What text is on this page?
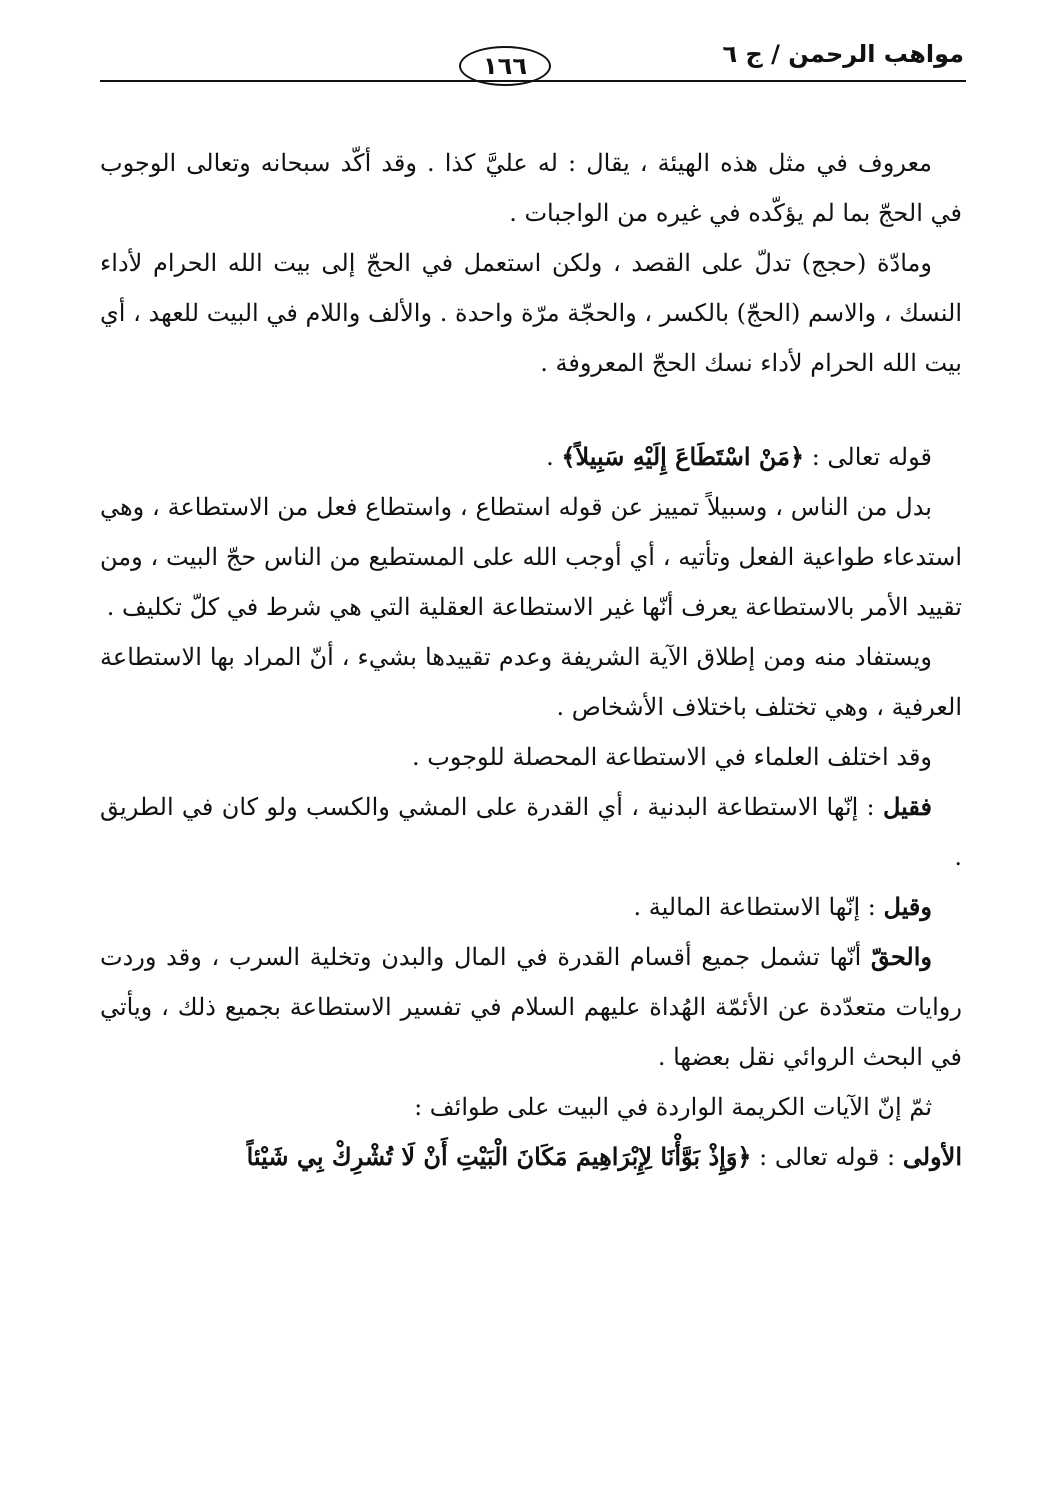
مواهب الرحمن / ج ٦
١٦٦

معروف في مثل هذه الهيئة ، يقال : له عليَّ كذا . وقد أكّد سبحانه وتعالى الوجوب في الحجّ بما لم يؤكّده في غيره من الواجبات .

ومادّة (حجج) تدلّ على القصد ، ولكن استعمل في الحجّ إلى بيت الله الحرام لأداء النسك ، والاسم (الحجّ) بالكسر ، والحجّة مرّة واحدة . والألف واللام في البيت للعهد ، أي بيت الله الحرام لأداء نسك الحجّ المعروفة .

قوله تعالى : ﴿مَنْ اسْتَطَاعَ إِلَيْهِ سَبِيلاً﴾ .

بدل من الناس ، وسبيلاً تمييز عن قوله استطاع ، واستطاع فعل من الاستطاعة ، وهي استدعاء طواعية الفعل وتأتيه ، أي أوجب الله على المستطيع من الناس حجّ البيت ، ومن تقييد الأمر بالاستطاعة يعرف أنّها غير الاستطاعة العقلية التي هي شرط في كلّ تكليف .

ويستفاد منه ومن إطلاق الآية الشريفة وعدم تقييدها بشيء ، أنّ المراد بها الاستطاعة العرفية ، وهي تختلف باختلاف الأشخاص .

وقد اختلف العلماء في الاستطاعة المحصلة للوجوب .

فقيل : إنّها الاستطاعة البدنية ، أي القدرة على المشي والكسب ولو كان في الطريق .

وقيل : إنّها الاستطاعة المالية .

والحقّ أنّها تشمل جميع أقسام القدرة في المال والبدن وتخلية السرب ، وقد وردت روايات متعدّدة عن الأئمّة الهُداة عليهم السلام في تفسير الاستطاعة بجميع ذلك ، ويأتي في البحث الروائي نقل بعضها .

ثمّ إنّ الآيات الكريمة الواردة في البيت على طوائف :

الأولى : قوله تعالى : ﴿وَإِذْ بَوَّأْنَا لِإِبْرَاهِيمَ مَكَانَ الْبَيْتِ أَنْ لَا تُشْرِكْ بِي شَيْئاً
